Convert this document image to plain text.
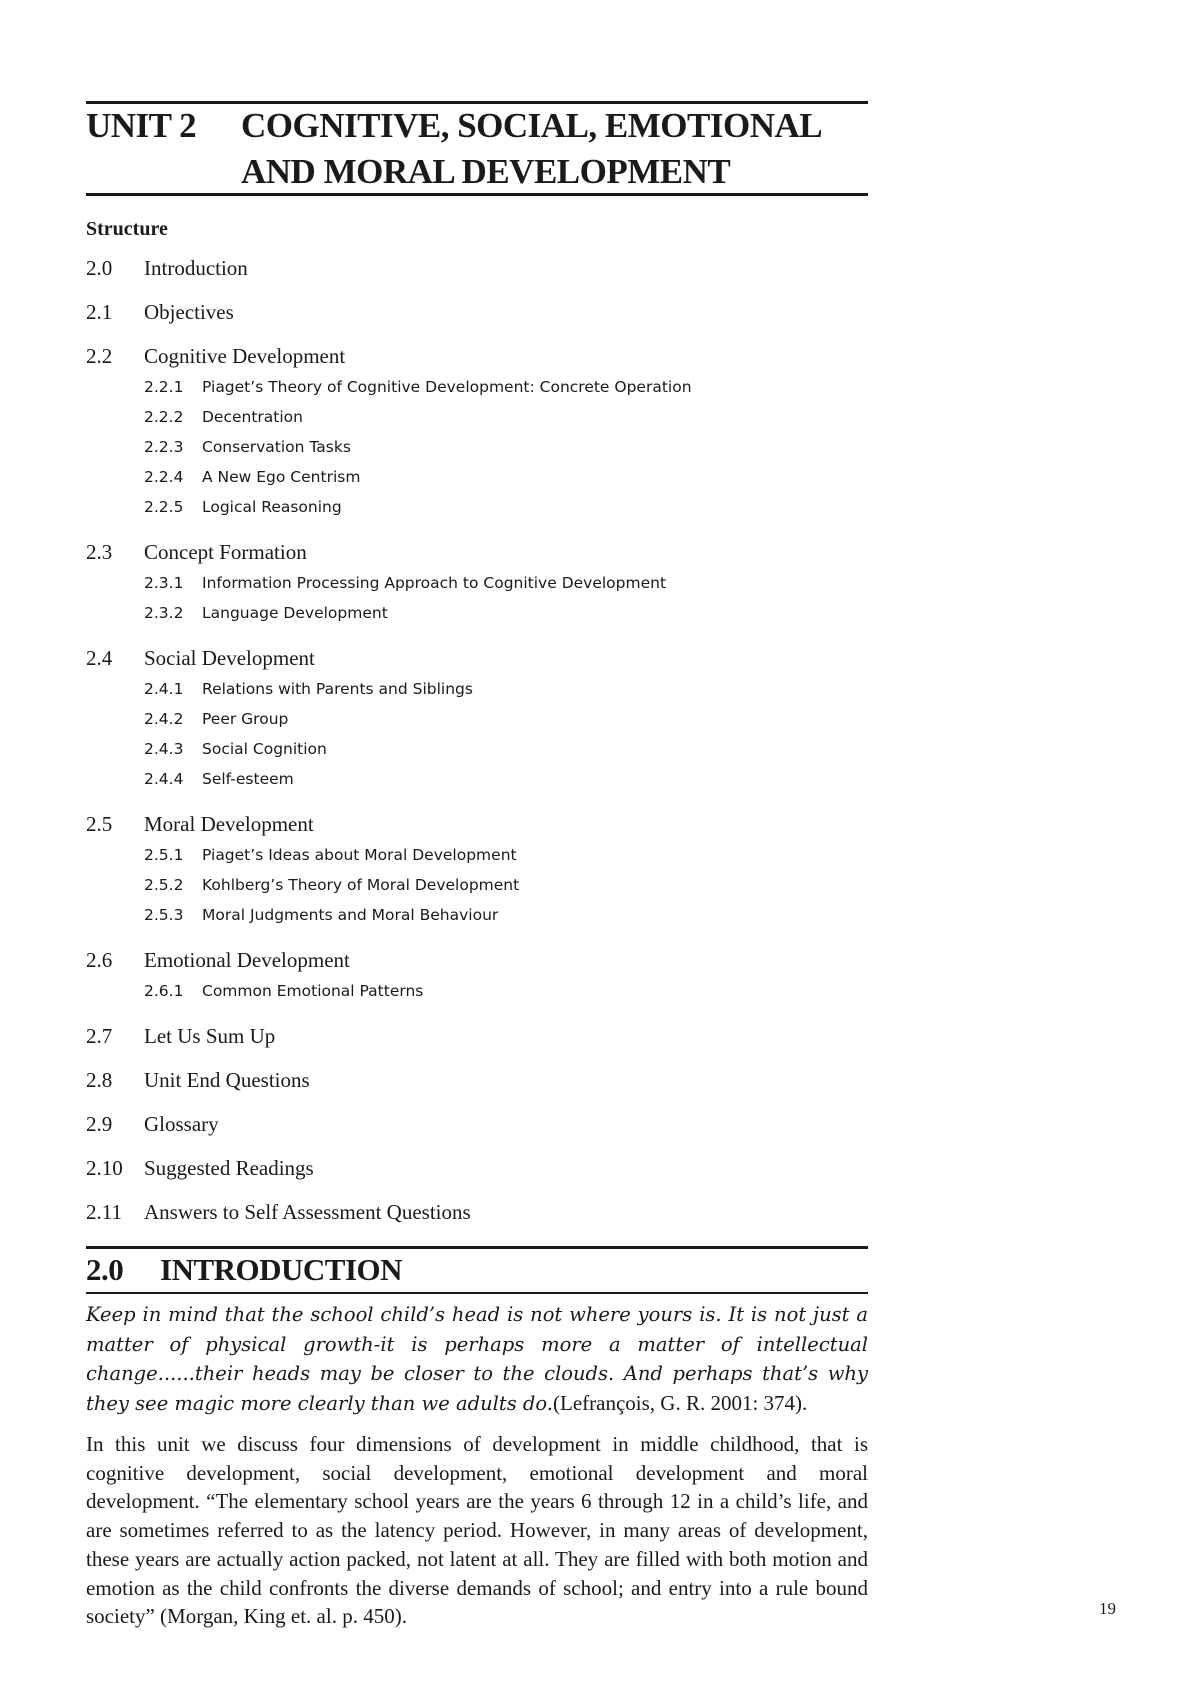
UNIT 2 COGNITIVE, SOCIAL, EMOTIONAL
AND MORAL DEVELOPMENT
Structure
2.0	Introduction
2.1	Objectives
2.2	Cognitive Development
2.2.1	Piaget’s Theory of Cognitive Development: Concrete Operation
2.2.2	Decentration
2.2.3	Conservation Tasks
2.2.4	A New Ego Centrism
2.2.5	Logical Reasoning
2.3	Concept Formation
2.3.1	Information Processing Approach to Cognitive Development
2.3.2	Language Development
2.4	Social Development
2.4.1	Relations with Parents and Siblings
2.4.2	Peer Group
2.4.3	Social Cognition
2.4.4	Self-esteem
2.5	Moral Development
2.5.1	Piaget’s Ideas about Moral Development
2.5.2	Kohlberg’s Theory of Moral Development
2.5.3	Moral Judgments and Moral Behaviour
2.6	Emotional Development
2.6.1	Common Emotional Patterns
2.7	Let Us Sum Up
2.8	Unit End Questions
2.9	Glossary
2.10	Suggested Readings
2.11	Answers to Self Assessment Questions
2.0 INTRODUCTION
Keep in mind that the school child’s head is not where yours is. It is not just a matter of physical growth-it is perhaps more a matter of intellectual change......their heads may be closer to the clouds. And perhaps that’s why they see magic more clearly than we adults do.(Lefrançois, G. R. 2001: 374).
In this unit we discuss four dimensions of development in middle childhood, that is cognitive development, social development, emotional development and moral development. “The elementary school years are the years 6 through 12 in a child’s life, and are sometimes referred to as the latency period. However, in many areas of development, these years are actually action packed, not latent at all. They are filled with both motion and emotion as the child confronts the diverse demands of school; and entry into a rule bound society” (Morgan, King et. al. p. 450).	19
